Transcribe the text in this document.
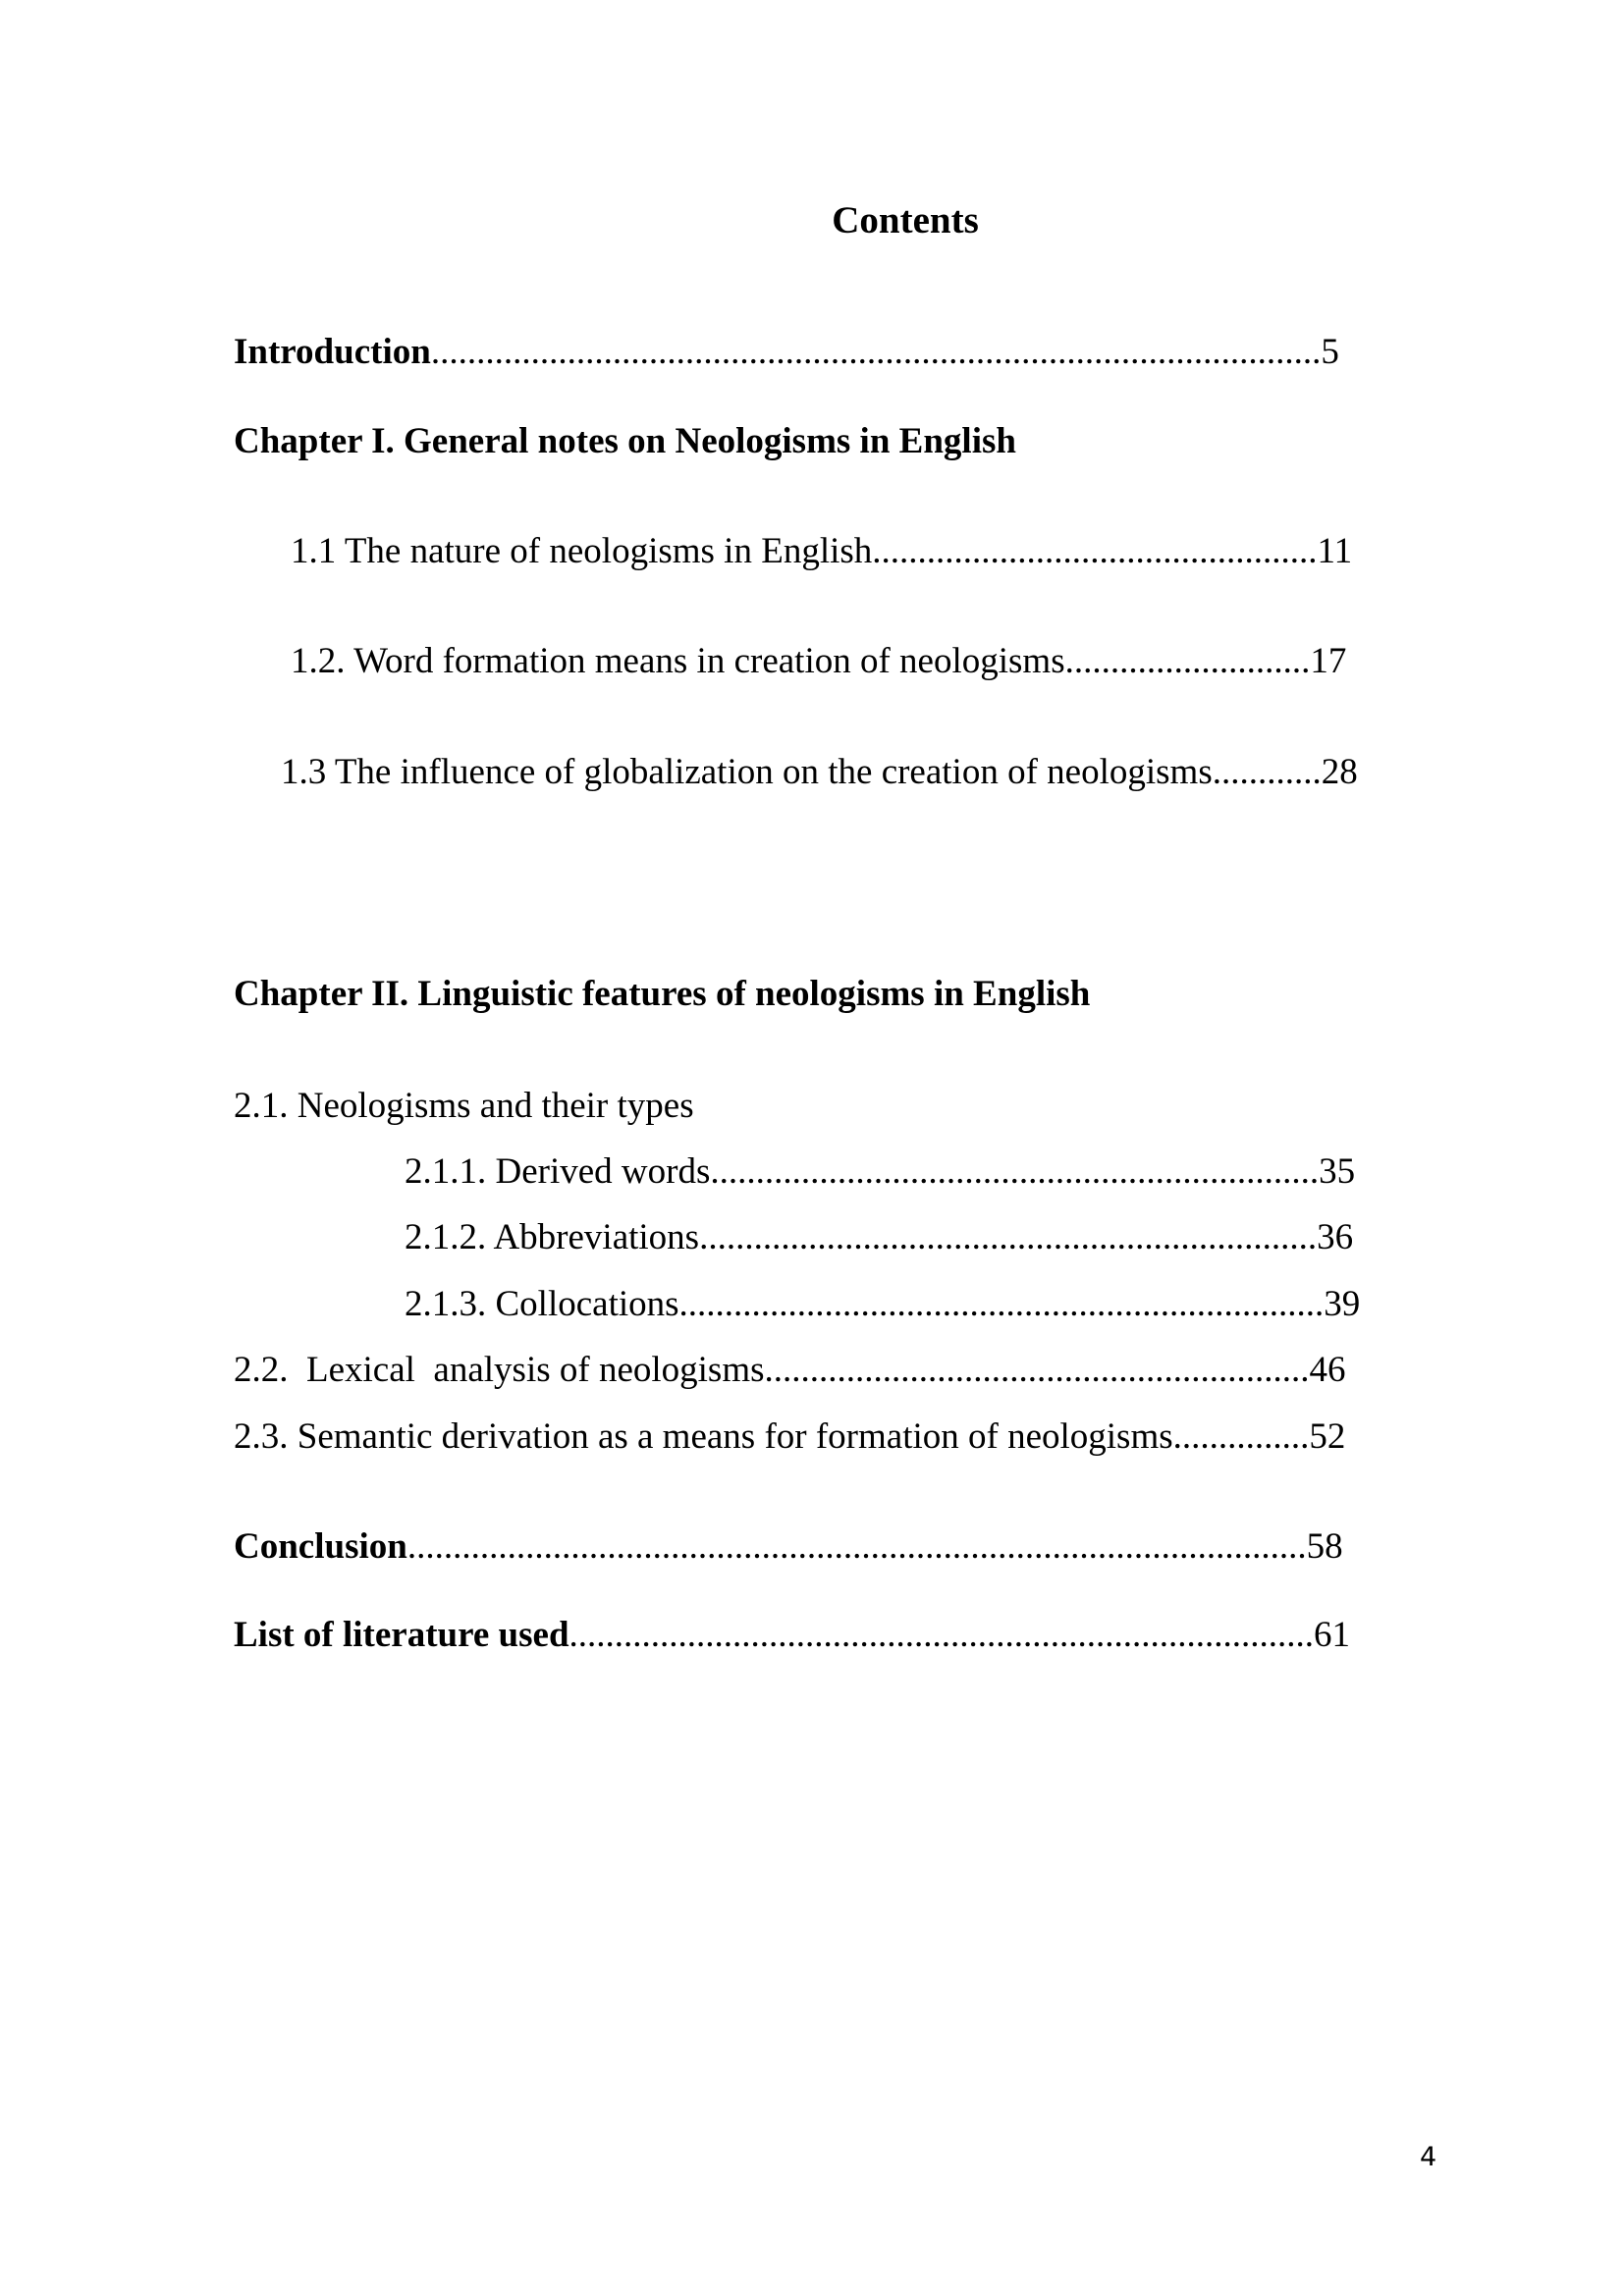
Contents
Introduction..................................................................................................5
Chapter I. General notes on Neologisms in English
1.1 The nature of neologisms in English.................................................11
1.2. Word formation means in creation of neologisms...........................17
1.3 The influence of globalization on the creation of neologisms............28
Chapter II. Linguistic features of neologisms in English
2.1. Neologisms and their types
2.1.1. Derived words...................................................................35
2.1.2. Abbreviations....................................................................36
2.1.3. Collocations.......................................................................39
2.2.  Lexical  analysis of neologisms............................................................46
2.3. Semantic derivation as a means for formation of neologisms...............52
Conclusion...................................................................................................58
List of literature used..................................................................................61
4
